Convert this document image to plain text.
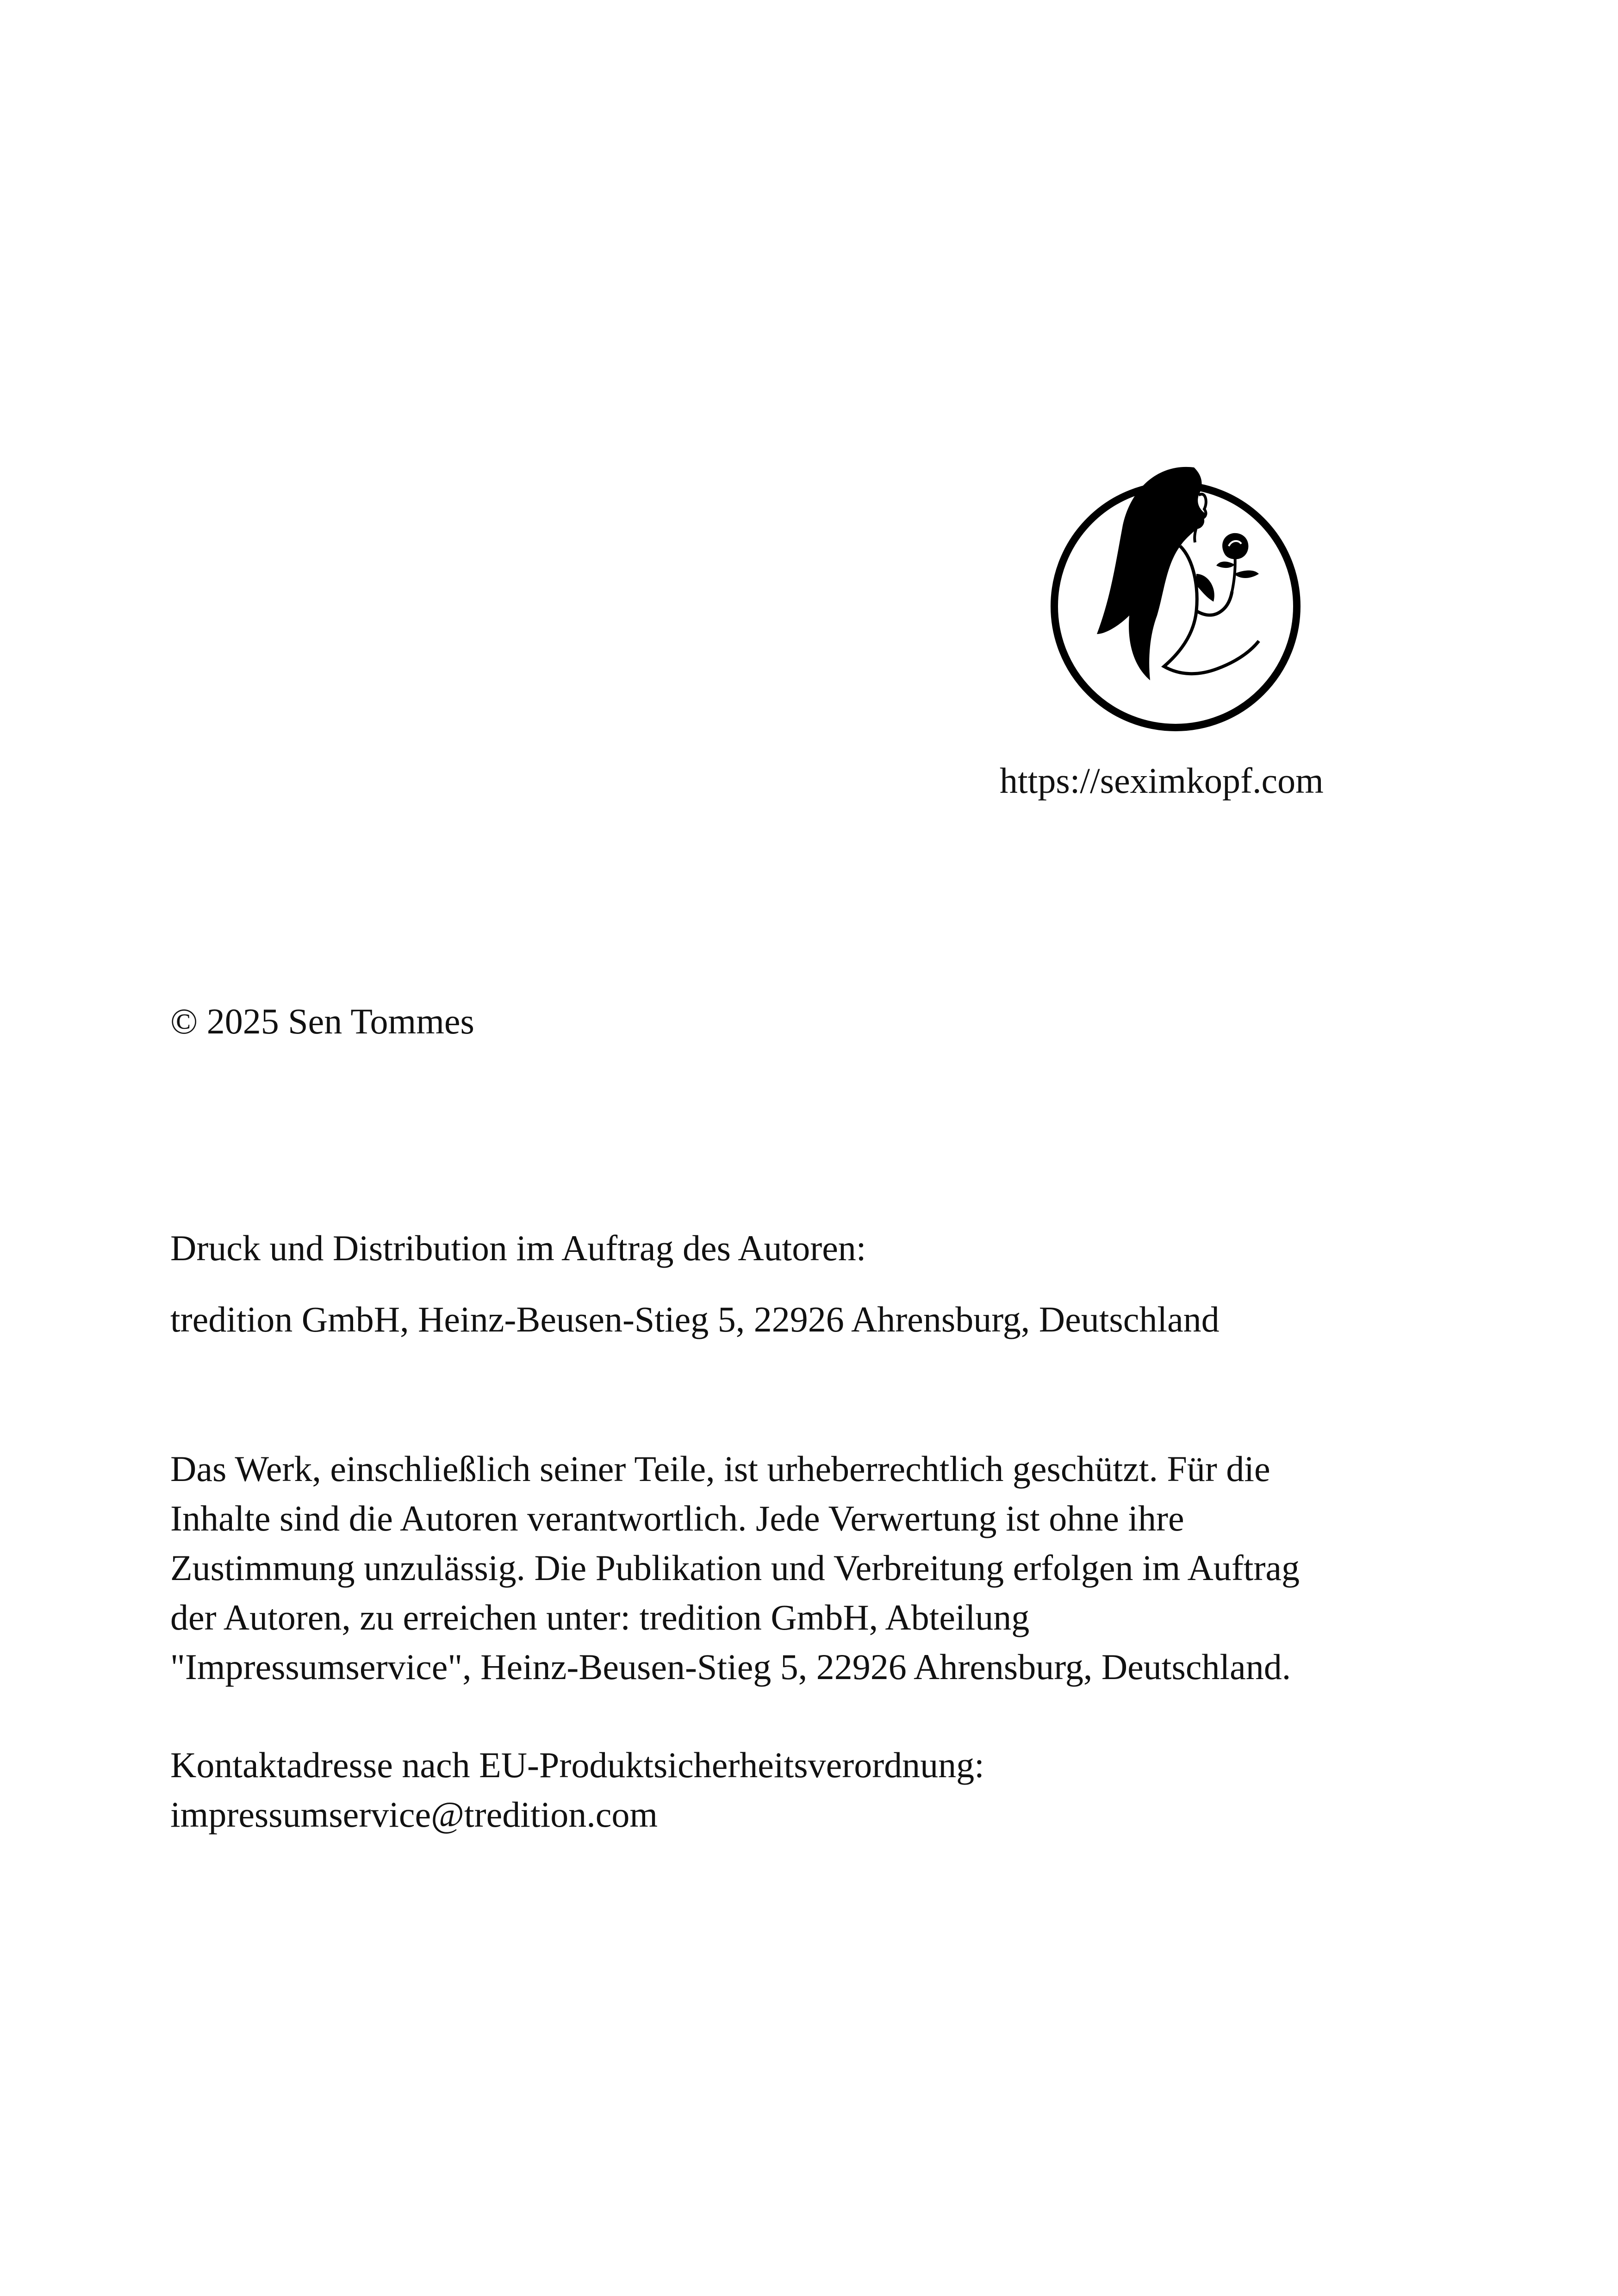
https://seximkopf.com
© 2025 Sen Tommes

Druck und Distribution im Auftrag des Autoren:

tredition GmbH, Heinz-Beusen-Stieg 5, 22926 Ahrensburg, Deutschland

Das Werk, einschließlich seiner Teile, ist urheberrechtlich geschützt. Für die
Inhalte sind die Autoren verantwortlich. Jede Verwertung ist ohne ihre
Zustimmung unzulässig. Die Publikation und Verbreitung erfolgen im Auftrag
der Autoren, zu erreichen unter: tredition GmbH, Abteilung
"Impressumservice", Heinz-Beusen-Stieg 5, 22926 Ahrensburg, Deutschland.
Kontaktadresse nach EU-Produktsicherheitsverordnung:
impressumservice@tredition.com
